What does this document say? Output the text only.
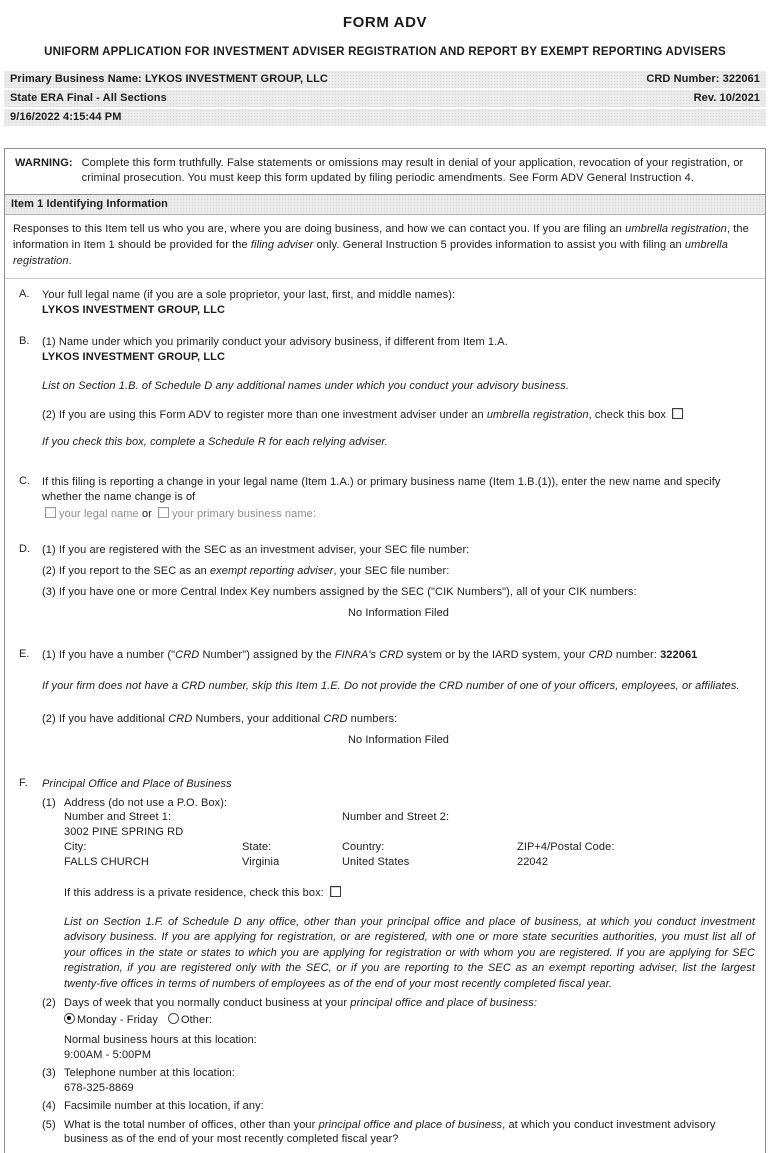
FORM ADV
UNIFORM APPLICATION FOR INVESTMENT ADVISER REGISTRATION AND REPORT BY EXEMPT REPORTING ADVISERS
Primary Business Name: LYKOS INVESTMENT GROUP, LLC	CRD Number: 322061
State ERA Final - All Sections	Rev. 10/2021
9/16/2022 4:15:44 PM
WARNING: Complete this form truthfully. False statements or omissions may result in denial of your application, revocation of your registration, or criminal prosecution. You must keep this form updated by filing periodic amendments. See Form ADV General Instruction 4.
Item 1 Identifying Information
Responses to this Item tell us who you are, where you are doing business, and how we can contact you. If you are filing an umbrella registration, the information in Item 1 should be provided for the filing adviser only. General Instruction 5 provides information to assist you with filing an umbrella registration.
A.	Your full legal name (if you are a sole proprietor, your last, first, and middle names):
LYKOS INVESTMENT GROUP, LLC
B.	(1) Name under which you primarily conduct your advisory business, if different from Item 1.A.
LYKOS INVESTMENT GROUP, LLC
List on Section 1.B. of Schedule D any additional names under which you conduct your advisory business.
(2) If you are using this Form ADV to register more than one investment adviser under an umbrella registration, check this box
If you check this box, complete a Schedule R for each relying adviser.
C.	If this filing is reporting a change in your legal name (Item 1.A.) or primary business name (Item 1.B.(1)), enter the new name and specify whether the name change is of
your legal name or your primary business name:
D.	(1) If you are registered with the SEC as an investment adviser, your SEC file number:
(2) If you report to the SEC as an exempt reporting adviser, your SEC file number:
(3) If you have one or more Central Index Key numbers assigned by the SEC ("CIK Numbers"), all of your CIK numbers:
No Information Filed
E.	(1) If you have a number ("CRD Number") assigned by the FINRA's CRD system or by the IARD system, your CRD number: 322061
If your firm does not have a CRD number, skip this Item 1.E. Do not provide the CRD number of one of your officers, employees, or affiliates.
(2) If you have additional CRD Numbers, your additional CRD numbers:
No Information Filed
F.	Principal Office and Place of Business
(1) Address (do not use a P.O. Box):
Number and Street 1:	Number and Street 2:
3002 PINE SPRING RD
City:	State:	Country:	ZIP+4/Postal Code:
FALLS CHURCH	Virginia	United States	22042
If this address is a private residence, check this box:
List on Section 1.F. of Schedule D any office, other than your principal office and place of business, at which you conduct investment advisory business. If you are applying for registration, or are registered, with one or more state securities authorities, you must list all of your offices in the state or states to which you are applying for registration or with whom you are registered. If you are applying for SEC registration, if you are registered only with the SEC, or if you are reporting to the SEC as an exempt reporting adviser, list the largest twenty-five offices in terms of numbers of employees as of the end of your most recently completed fiscal year.
(2) Days of week that you normally conduct business at your principal office and place of business:
Monday - Friday Other:
Normal business hours at this location:
9:00AM - 5:00PM
(3) Telephone number at this location:
678-325-8869
(4) Facsimile number at this location, if any:
(5) What is the total number of offices, other than your principal office and place of business, at which you conduct investment advisory business as of the end of your most recently completed fiscal year?
